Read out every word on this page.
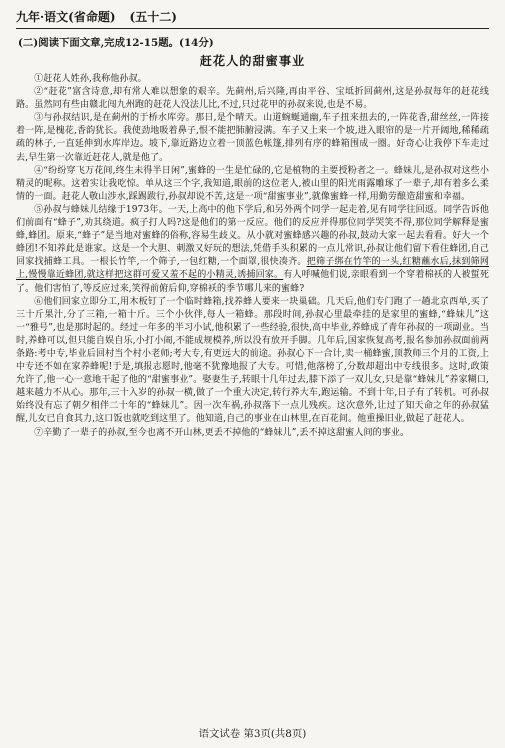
九年·语文(省命题) (五十二)
(二)阅读下面文章,完成12-15题。(14分)
赶花人的甜蜜事业

①赶花人姓孙,我称他孙叔。

②“赶花”富含诗意,却有常人难以想象的艰辛。先蓟州,后兴隆,再由平谷、宝坻折回蓟州,这是孙叔每年的赶花线路。虽然同有些由赣北闯九州跑的赶花人没法儿比,不过,只过花甲的孙叔来说,也是不易。

③与孙叔结识,是在蓟州的于桥水库旁。那日,是个晴天。山道蜿蜒通幽,车子扭来扭去的,一阵花香,甜丝丝,一阵接着一阵,是槐花,香韵犹长。我使劲地吸着鼻子,恨不能把肺腑浸满。车子又上来一个坡,进入眼帘的是一片开阔地,稀稀疏疏的林子,一直延伸到水库岸边。坡下,靠近路边立着一顶蓝色帐篷,排列有序的蜂箱围成一圈。好奇心让我停下车走过去,早生第一次靠近赶花人,就是他了。

④“纷纷穿飞万花间,终生未得半日闲”,蜜蜂的一生是忙碌的,它是植物的主要授粉者之一。蜂妹儿,是孙叔对这些小精灵的昵称。这着实让我吃惊。单从这三个字,我知道,眼前的这位老人,被山里的阳光雨露雕琢了一辈子,却有着多么柔情的一面。赶花人敬山涉水,踩踢跋行,孙叔却说不苦,这是一项“甜蜜事业”,就像蜜蜂一样,用勤劳酿造甜蜜和幸福。

⑤孙叔与蜂妹儿结缘于1973年。一天,上高中的他下学后,和另外两个同学一起走着,见有同学往回返。同学告诉他们前面有“蜂子”,劝其绕道。疯子打人吗?这是他们的第一反应。他们的反应并得那位同学哭笑不得,那位同学解释是蜜蜂,蜂团。原来,“蜂子”是当地对蜜蜂的俗称,容易生歧义。从小就对蜜蜂感兴趣的孙叔,鼓动大家一起去看看。好大一个蜂团!不知养此是谁家。这是一个大胆、刺激又好玩的想法,凭借手头积累的一点儿常识,孙叔让他们留下看住蜂团,自己回家找捕蜂工具。一根长竹竿,一个筛子,一包红糖,一个面罩,很快凑齐。把筛子绑在竹竿的一头,红糖蘸水后,抹到筛网上,慢慢靠近蜂团,就这样把这群可爱又羞不起的小精灵,诱捕回家。有人呼喊他们说,亲眼看到一个穿着棉袄的人被蜇死了。他们害怕了,等反应过来,笑得前俯后仰,穿棉袄的季节哪儿来的蜜蜂?

⑥他们回家立即分工,用木板钉了一个临时蜂箱,找养蜂人要来一块巢础。几天后,他们专门跑了一趟北京西单,买了三十斤果汁,分了三箱,一箱十斤。三个小伙伴,每人一箱蜂。那段时间,孙叔心里最牵挂的是家里的蜜蜂,“蜂妹儿”这一“雅号”,也是那时起的。经过一年多的半习小试,他积累了一些经验,很快,高中毕业,养蜂成了青年孙叔的一项副业。当时,养蜂可以,但只能自娱自乐,小打小闹,不能成规模养,所以没有放开手脚。几年后,国家恢复高考,报名参加孙叔面前两条路:考中专,毕业后回村当个村小老师;考大专,有更远大的前途。孙叔心下一合计,卖一桶蜂蜜,顶教师三个月的工资,上中专还不如在家养蜂呢!于是,填报志愿时,他毫不犹豫地报了大专。可惜,他落榜了,分数却超出中专线很多。这时,政策允许了,他一心一意地干起了他的“甜蜜事业”。娶妻生子,转眼十几年过去,膝下添了一双儿女,只是靠“蜂妹儿”养家糊口,越来越力不从心。那年,三十入岁的孙叔一横,做了一个重大决定,转行养大车,跑运输。不到十年,日子有了转机。可孙叔始终没有忘了朝夕相伴二十年的“蜂妹儿”。因一次车祸,孙叔落下一点儿残疾。这次意外,让过了知天命之年的孙叔猛醒,儿女已自食其力,这口饭也就吃到这里了。他知道,自己的事业在山林里,在百花间。他重操旧业,做起了赶花人。

⑦辛勤了一辈子的孙叔,至今也离不开山林,更丢不掉他的“蜂妹儿”,丢不掉这甜蜜人间的事业。

语文试卷 第3页(共8页)
